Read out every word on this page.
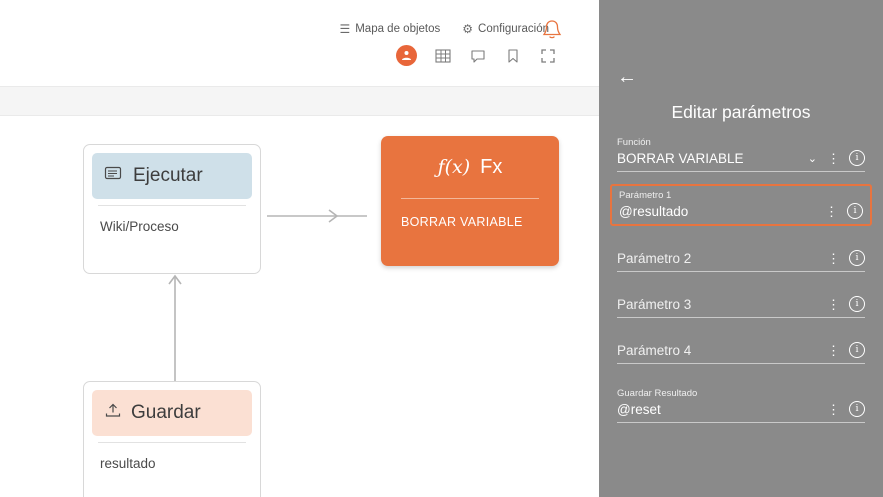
☰ Mapa de objetos ⚙ Configuración
Ejecutar
Wiki/Proceso
Guardar
resultado
ƒ(x) Fx
BORRAR VARIABLE
←
Editar parámetros
Función
BORRAR VARIABLE	⌄ ⋮	i
Parámetro 1
@resultado	⋮	i
Parámetro 2	⋮	i
Parámetro 3	⋮	i
Parámetro 4	⋮	i
Guardar Resultado
@reset	⋮	i
